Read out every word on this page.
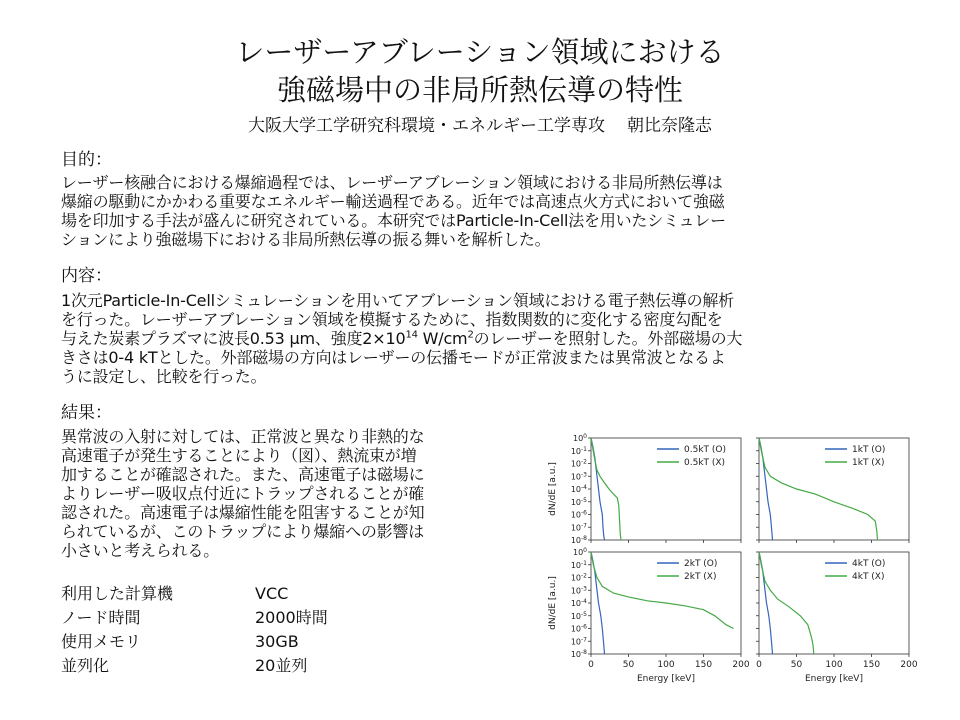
レーザーアブレーション領域における
強磁場中の非局所熱伝導の特性
大阪大学工学研究科環境・エネルギー工学専攻 朝比奈隆志
目的：
レーザー核融合における爆縮過程では、レーザーアブレーション領域における非局所熱伝導は
爆縮の駆動にかかわる重要なエネルギー輸送過程である。近年では高速点火方式において強磁
場を印加する手法が盛んに研究されている。本研究ではParticle-In-Cell法を用いたシミュレー
ションにより強磁場下における非局所熱伝導の振る舞いを解析した。
内容：
1次元Particle-In-Cellシミュレーションを用いてアブレーション領域における電子熱伝導の解析
を行った。レーザーアブレーション領域を模擬するために、指数関数的に変化する密度勾配を
与えた炭素プラズマに波長0.53 μm、強度$2\times 10^{14}$ $W/cm^2$のレーザーを照射した。外部磁場の大
きさは0-4 kTとした。外部磁場の方向はレーザーの伝播モードが正常波または異常波となるよ
うに設定し、比較を行った。
結果：
異常波の入射に対しては、正常波と異なり非熱的な
高速電子が発生することにより（図）、熱流束が増
加することが確認された。また、高速電子は磁場に
よりレーザー吸収点付近にトラップされることが確
認された。高速電子は爆縮性能を阻害することが知
られているが、このトラップにより爆縮への影響は
小さいと考えられる。
利用した計算機	VCC
ノード時間	2000時間
使用メモリ	30GB
並列化	20並列
0.5kT (O)
0.5kT (X)
$10^0$
$10^{-1}$
$10^{-2}$
$10^{-3}$
$10^{-4}$
$10^{-5}$
$10^{-6}$
$10^{-7}$
$10^{-8}$
dN/dE [a.u.]
1kT (O)
1kT (X)
2kT (O)
2kT (X)
$10^0$
$10^{-1}$
$10^{-2}$
$10^{-3}$
$10^{-4}$
$10^{-5}$
$10^{-6}$
$10^{-7}$
$10^{-8}$
dN/dE [a.u.]
0	50	100 150 200
Energy [keV]
4kT (O)
4kT (X)
0	50	100 150 200
Energy [keV]
